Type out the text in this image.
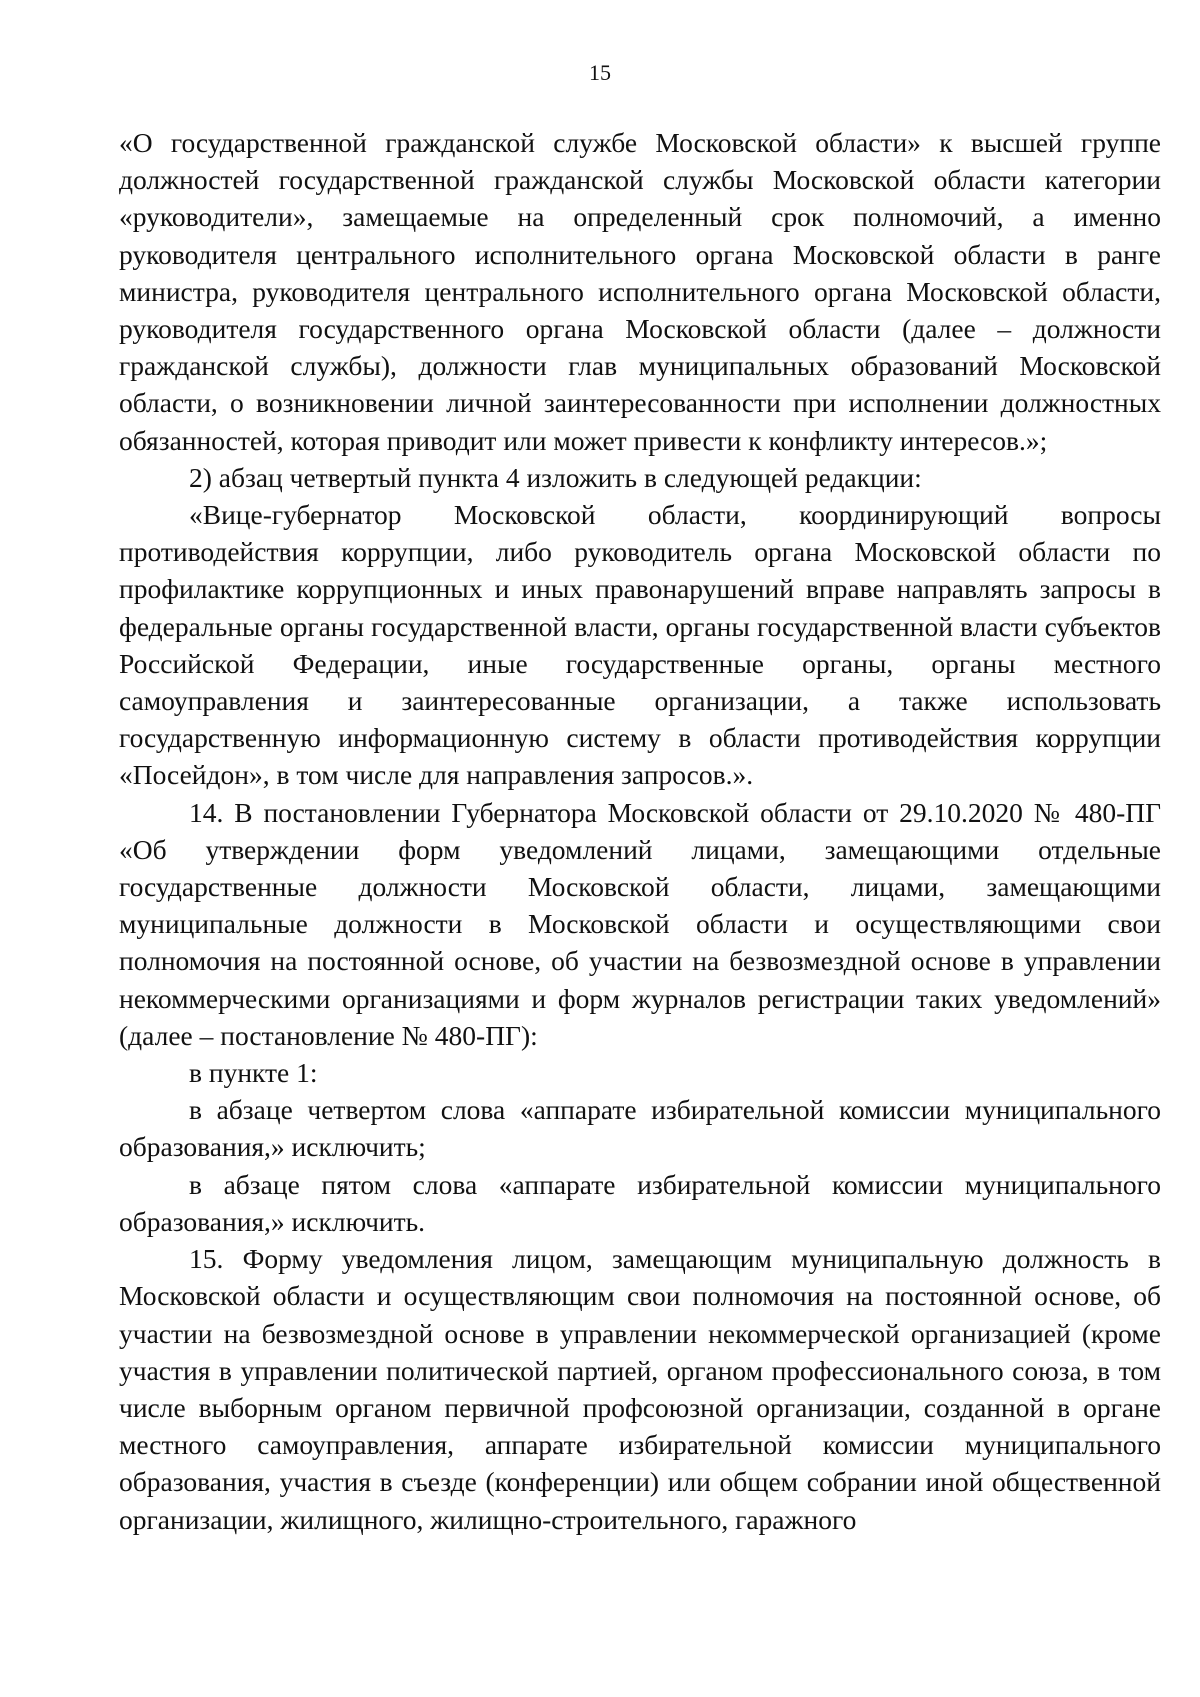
15

«О государственной гражданской службе Московской области» к высшей группе должностей государственной гражданской службы Московской области категории «руководители», замещаемые на определенный срок полномочий, а именно руководителя центрального исполнительного органа Московской области в ранге министра, руководителя центрального исполнительного органа Московской области, руководителя государственного органа Московской области (далее – должности гражданской службы), должности глав муниципальных образований Московской области, о возникновении личной заинтересованности при исполнении должностных обязанностей, которая приводит или может привести к конфликту интересов.»;

2) абзац четвертый пункта 4 изложить в следующей редакции:

«Вице-губернатор Московской области, координирующий вопросы противодействия коррупции, либо руководитель органа Московской области по профилактике коррупционных и иных правонарушений вправе направлять запросы в федеральные органы государственной власти, органы государственной власти субъектов Российской Федерации, иные государственные органы, органы местного самоуправления и заинтересованные организации, а также использовать государственную информационную систему в области противодействия коррупции «Посейдон», в том числе для направления запросов.».

14. В постановлении Губернатора Московской области от 29.10.2020 № 480-ПГ «Об утверждении форм уведомлений лицами, замещающими отдельные государственные должности Московской области, лицами, замещающими муниципальные должности в Московской области и осуществляющими свои полномочия на постоянной основе, об участии на безвозмездной основе в управлении некоммерческими организациями и форм журналов регистрации таких уведомлений» (далее – постановление № 480-ПГ):

в пункте 1:

в абзаце четвертом слова «аппарате избирательной комиссии муниципального образования,» исключить;

в абзаце пятом слова «аппарате избирательной комиссии муниципального образования,» исключить.

15. Форму уведомления лицом, замещающим муниципальную должность в Московской области и осуществляющим свои полномочия на постоянной основе, об участии на безвозмездной основе в управлении некоммерческой организацией (кроме участия в управлении политической партией, органом профессионального союза, в том числе выборным органом первичной профсоюзной организации, созданной в органе местного самоуправления, аппарате избирательной комиссии муниципального образования, участия в съезде (конференции) или общем собрании иной общественной организации, жилищного, жилищно-строительного, гаражного
